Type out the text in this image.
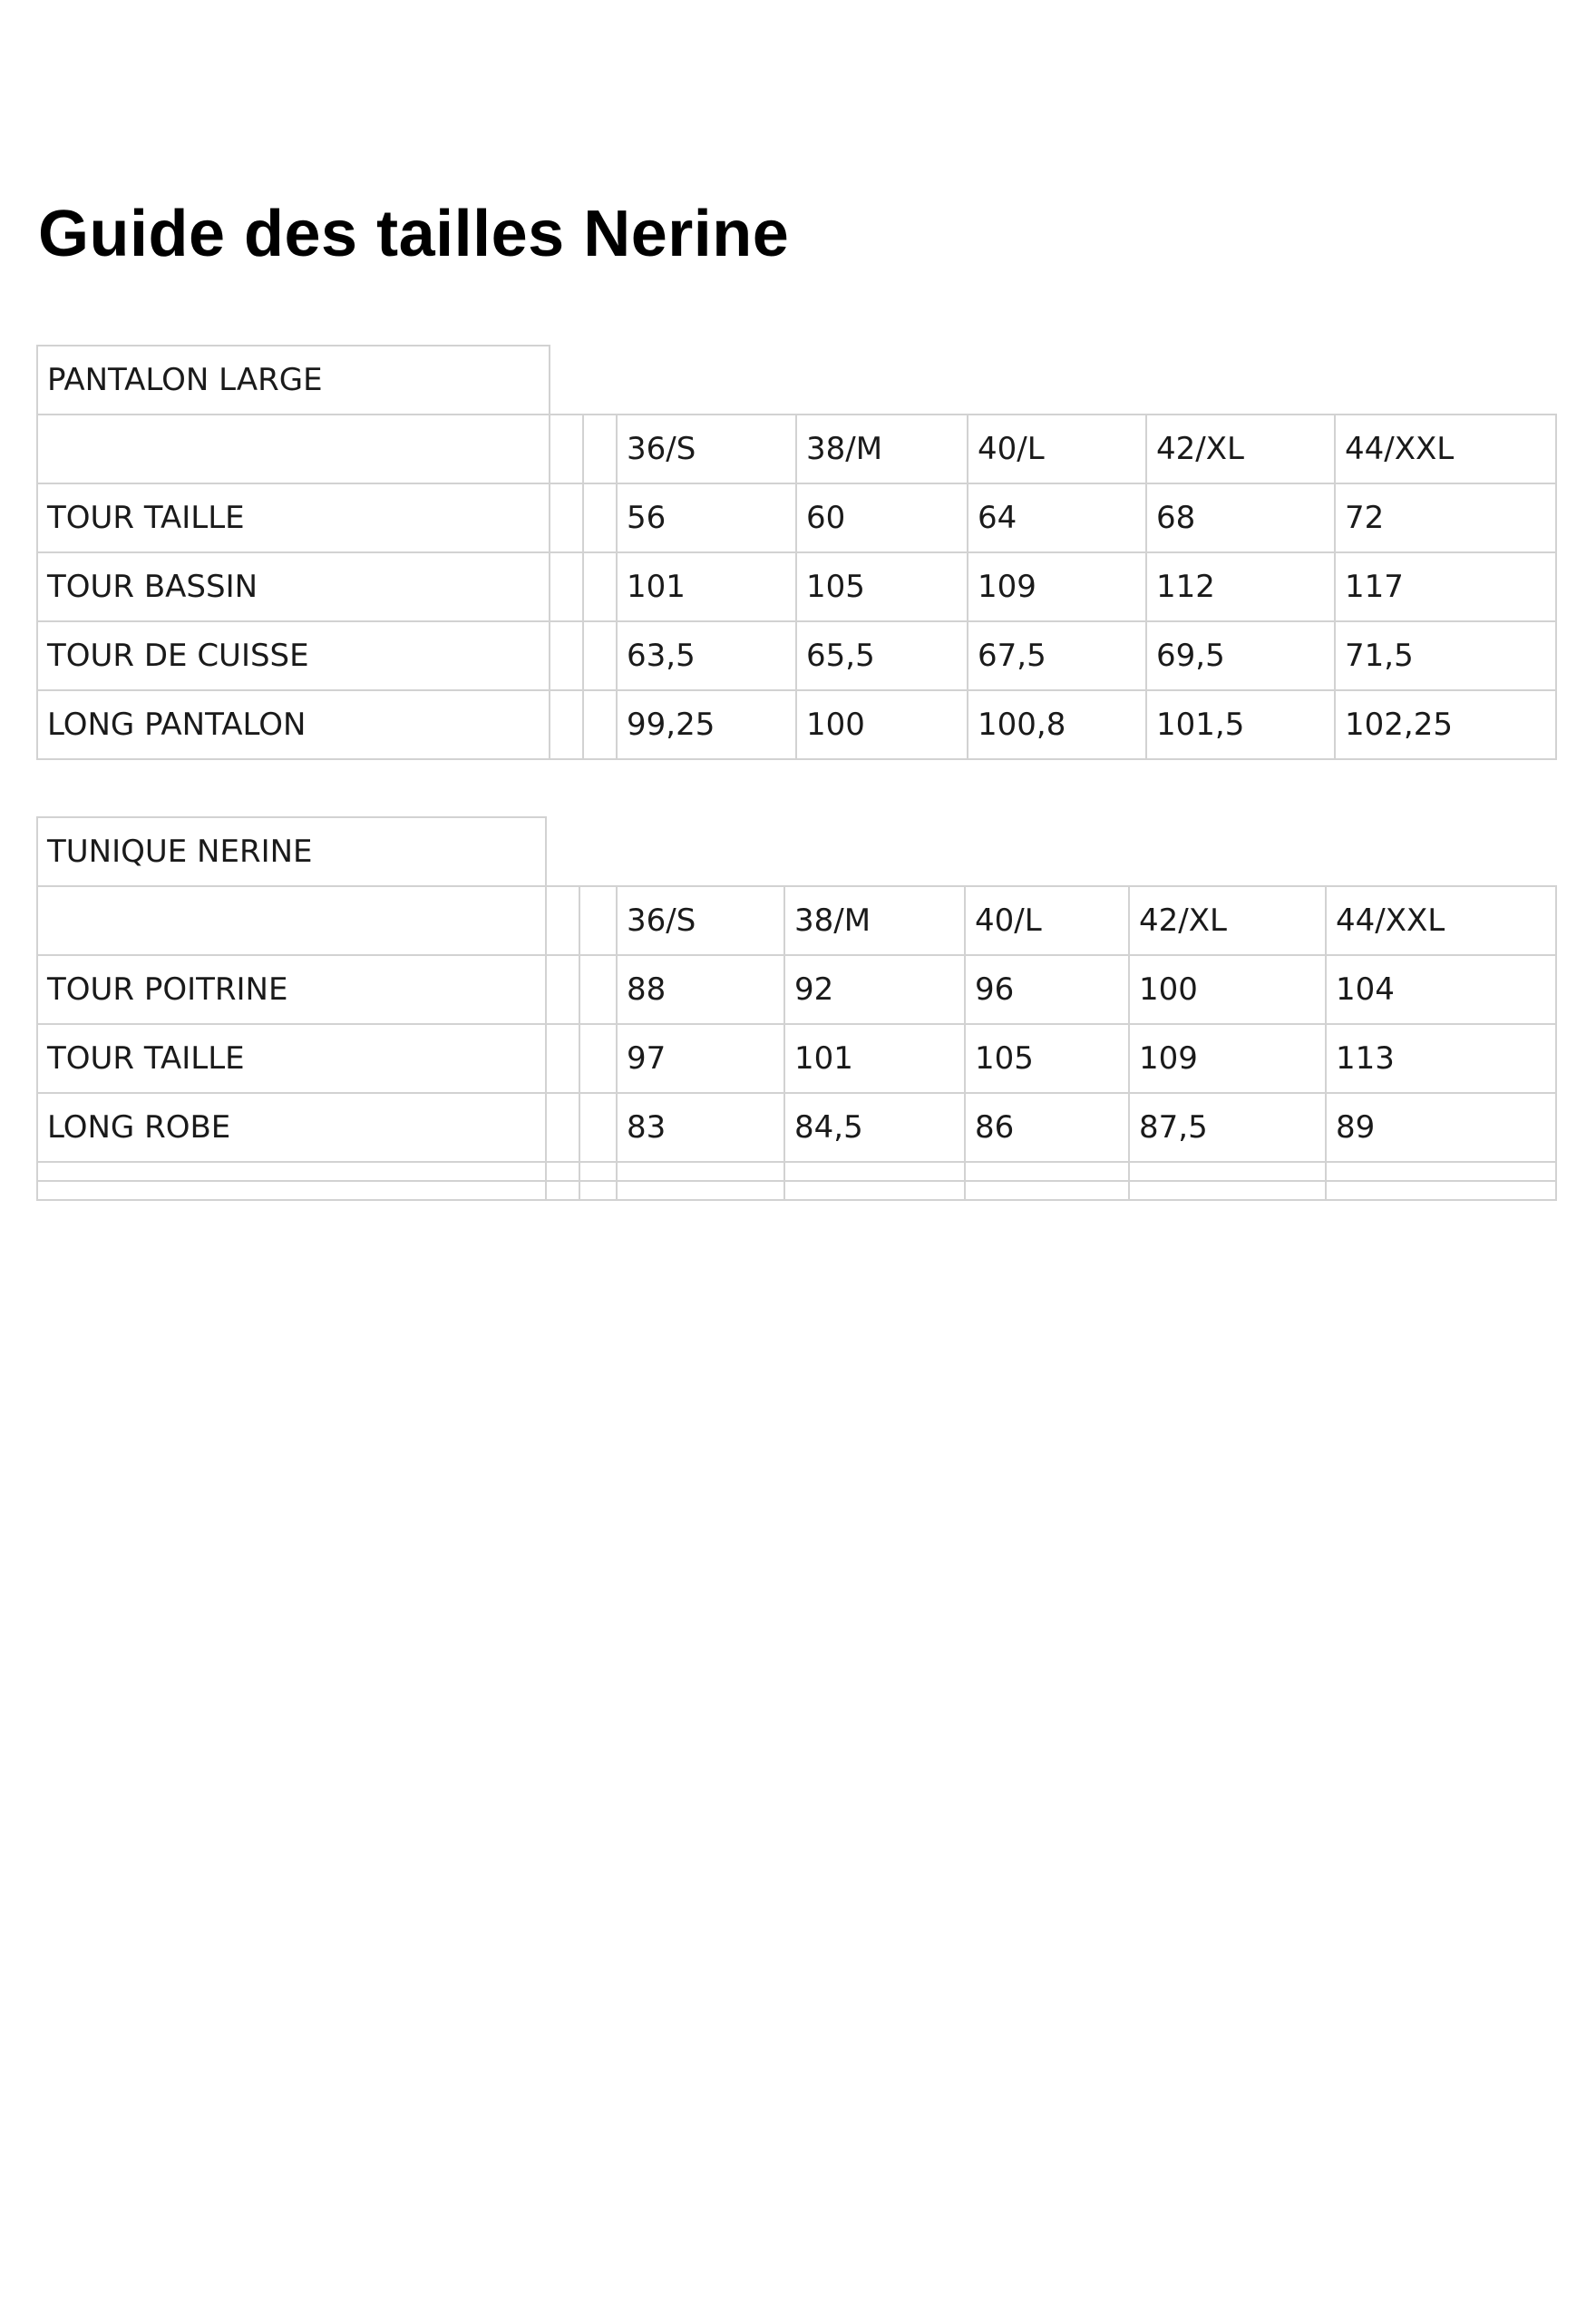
Guide des tailles Nerine
PANTALON LARGE
36/S	38/M	40/L	42/XL	44/XXL
TOUR TAILLE	56	60	64	68	72
TOUR BASSIN	101	105	109	112	117
TOUR DE CUISSE	63,5	65,5	67,5	69,5	71,5
LONG PANTALON	99,25	100	100,8	101,5	102,25
TUNIQUE NERINE
36/S	38/M	40/L	42/XL	44/XXL
TOUR POITRINE	88	92	96	100	104
TOUR TAILLE	97	101	105	109	113
LONG ROBE	83	84,5	86	87,5	89
